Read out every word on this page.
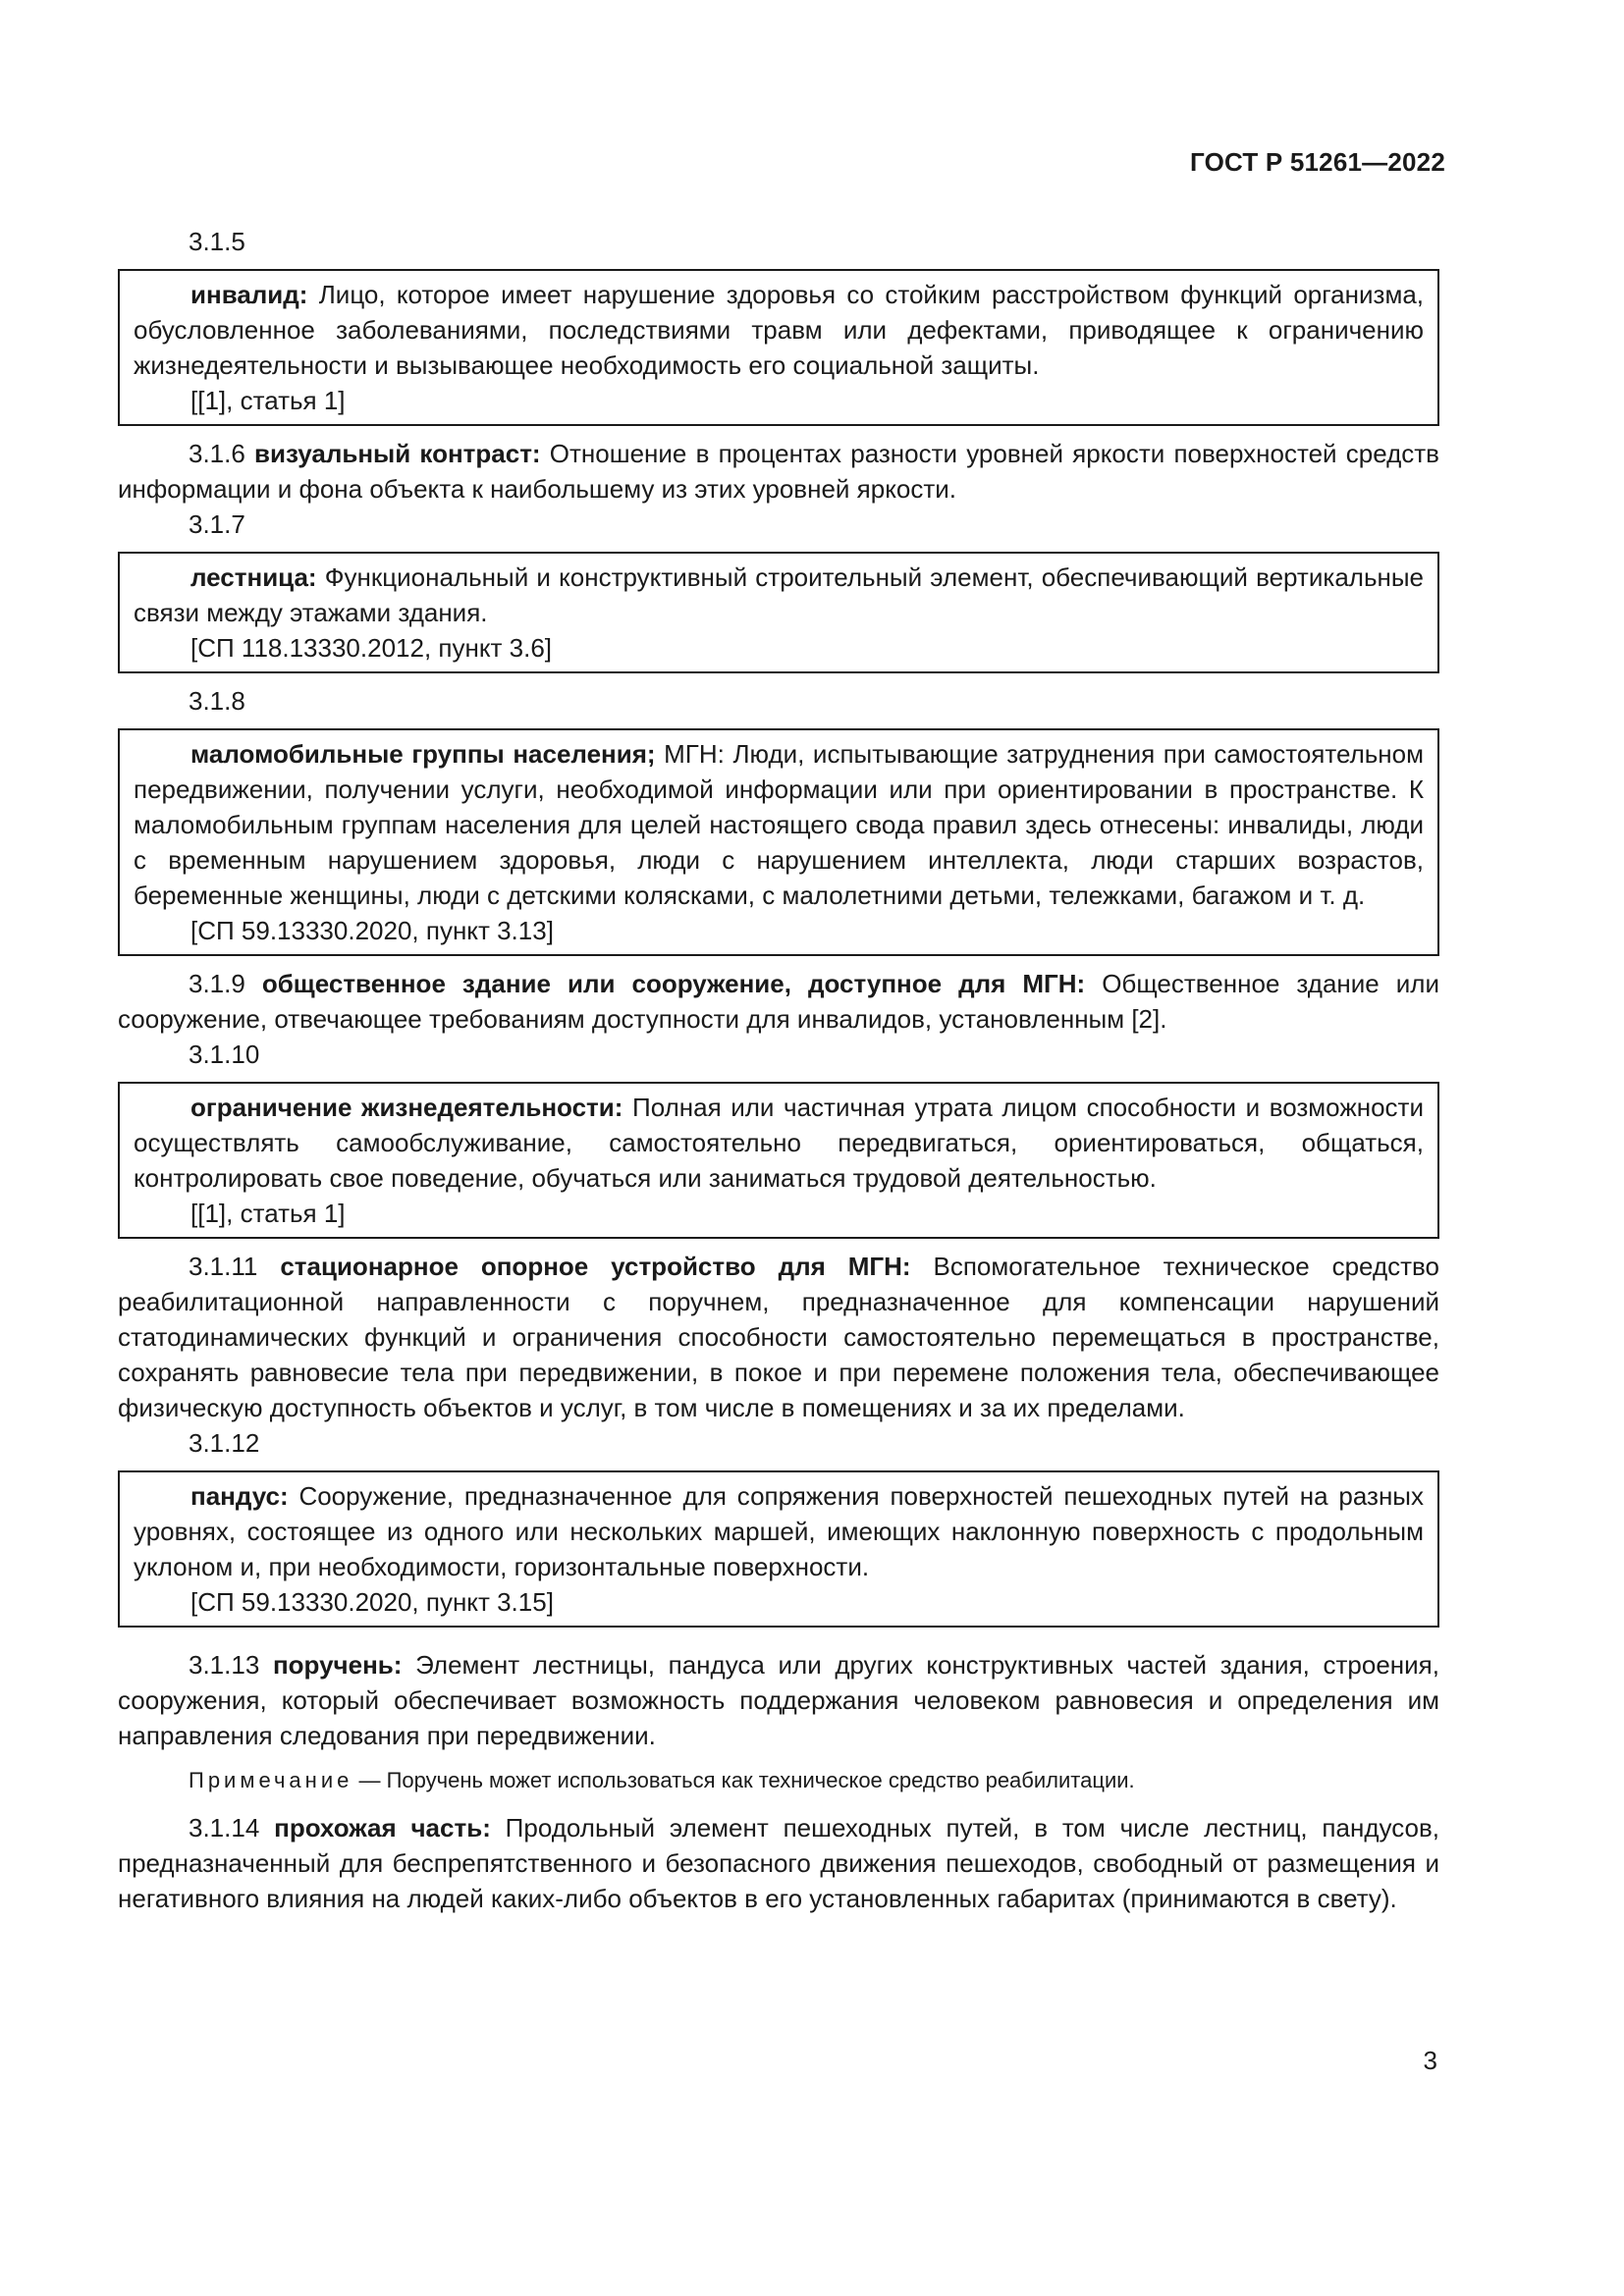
ГОСТ Р 51261—2022

3.1.5

инвалид: Лицо, которое имеет нарушение здоровья со стойким расстройством функций организма, обусловленное заболеваниями, последствиями травм или дефектами, приводящее к ограничению жизнедеятельности и вызывающее необходимость его социальной защиты.

[[1], статья 1]

3.1.6 визуальный контраст: Отношение в процентах разности уровней яркости поверхностей средств информации и фона объекта к наибольшему из этих уровней яркости.

3.1.7

лестница: Функциональный и конструктивный строительный элемент, обеспечивающий вертикальные связи между этажами здания.

[СП 118.13330.2012, пункт 3.6]

3.1.8

маломобильные группы населения; МГН: Люди, испытывающие затруднения при самостоятельном передвижении, получении услуги, необходимой информации или при ориентировании в пространстве. К маломобильным группам населения для целей настоящего свода правил здесь отнесены: инвалиды, люди с временным нарушением здоровья, люди с нарушением интеллекта, люди старших возрастов, беременные женщины, люди с детскими колясками, с малолетними детьми, тележками, багажом и т. д.

[СП 59.13330.2020, пункт 3.13]

3.1.9 общественное здание или сооружение, доступное для МГН: Общественное здание или сооружение, отвечающее требованиям доступности для инвалидов, установленным [2].

3.1.10

ограничение жизнедеятельности: Полная или частичная утрата лицом способности и возможности осуществлять самообслуживание, самостоятельно передвигаться, ориентироваться, общаться, контролировать свое поведение, обучаться или заниматься трудовой деятельностью.

[[1], статья 1]

3.1.11 стационарное опорное устройство для МГН: Вспомогательное техническое средство реабилитационной направленности с поручнем, предназначенное для компенсации нарушений статодинамических функций и ограничения способности самостоятельно перемещаться в пространстве, сохранять равновесие тела при передвижении, в покое и при перемене положения тела, обеспечивающее физическую доступность объектов и услуг, в том числе в помещениях и за их пределами.

3.1.12

пандус: Сооружение, предназначенное для сопряжения поверхностей пешеходных путей на разных уровнях, состоящее из одного или нескольких маршей, имеющих наклонную поверхность с продольным уклоном и, при необходимости, горизонтальные поверхности.

[СП 59.13330.2020, пункт 3.15]

3.1.13 поручень: Элемент лестницы, пандуса или других конструктивных частей здания, строения, сооружения, который обеспечивает возможность поддержания человеком равновесия и определения им направления следования при передвижении.

Примечание — Поручень может использоваться как техническое средство реабилитации.

3.1.14 прохожая часть: Продольный элемент пешеходных путей, в том числе лестниц, пандусов, предназначенный для беспрепятственного и безопасного движения пешеходов, свободный от размещения и негативного влияния на людей каких-либо объектов в его установленных габаритах (принимаются в свету).

3
